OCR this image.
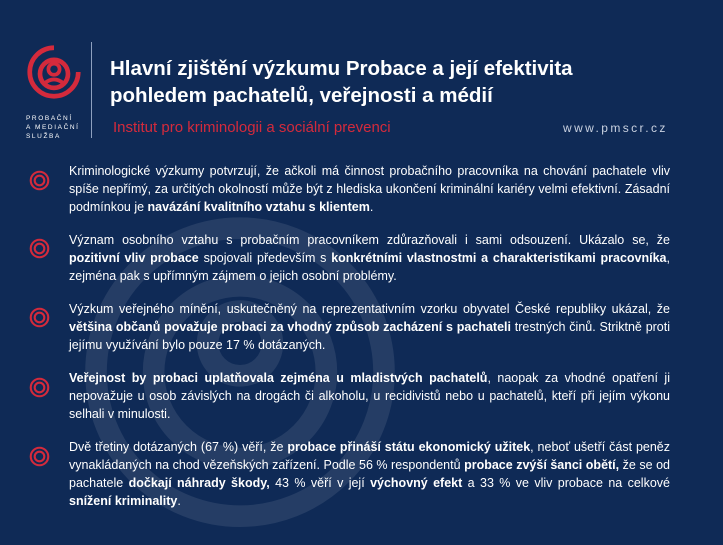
PROBAČNÍ
A MEDIAČNÍ
SLUŽBA
Hlavní zjištění výzkumu Probace a její efektivita pohledem pachatelů, veřejnosti a médií
Institut pro kriminologii a sociální prevenci	www.pmscr.cz
Kriminologické výzkumy potvrzují, že ačkoli má činnost probačního pracovníka na chování pachatele vliv spíše nepřímý, za určitých okolností může být z hlediska ukončení kriminální kariéry velmi efektivní. Zásadní podmínkou je navázání kvalitního vztahu s klientem.
Význam osobního vztahu s probačním pracovníkem zdůrazňovali i sami odsouzení. Ukázalo se, že pozitivní vliv probace spojovali především s konkrétními vlastnostmi a charakteristikami pracovníka, zejména pak s upřímným zájmem o jejich osobní problémy.
Výzkum veřejného mínění, uskutečněný na reprezentativním vzorku obyvatel České republiky ukázal, že většina občanů považuje probaci za vhodný způsob zacházení s pachateli trestných činů. Striktně proti jejímu využívání bylo pouze 17 % dotázaných.
Veřejnost by probaci uplatňovala zejména u mladistvých pachatelů, naopak za vhodné opatření ji nepovažuje u osob závislých na drogách či alkoholu, u recidivistů nebo u pachatelů, kteří při jejím výkonu selhali v minulosti.
Dvě třetiny dotázaných (67 %) věří, že probace přináší státu ekonomický užitek, neboť ušetří část peněz vynakládaných na chod vězeňských zařízení. Podle 56 % respondentů probace zvýší šanci obětí, že se od pachatele dočkají náhrady škody, 43 % věří v její výchovný efekt a 33 % ve vliv probace na celkové snížení kriminality.
